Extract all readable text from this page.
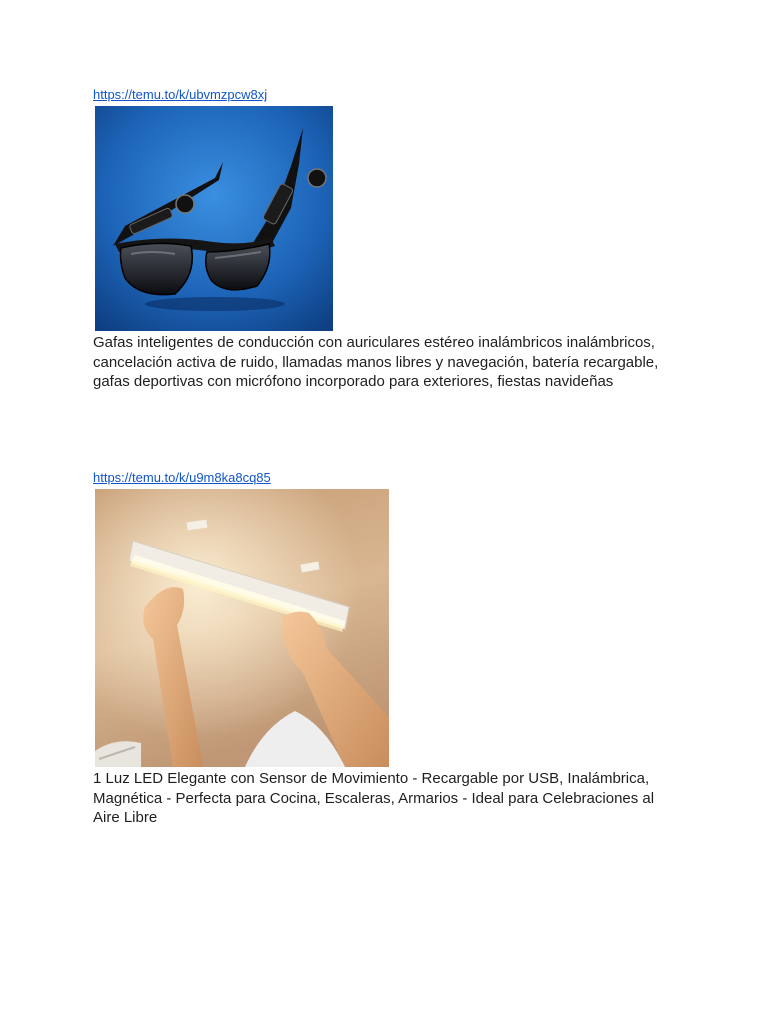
https://temu.to/k/ubvmzpcw8xj

Gafas inteligentes de conducción con auriculares estéreo inalámbricos inalámbricos, cancelación activa de ruido, llamadas manos libres y navegación, batería recargable, gafas deportivas con micrófono incorporado para exteriores, fiestas navideñas

https://temu.to/k/u9m8ka8cq85

1 Luz LED Elegante con Sensor de Movimiento - Recargable por USB, Inalámbrica, Magnética - Perfecta para Cocina, Escaleras, Armarios - Ideal para Celebraciones al Aire Libre
